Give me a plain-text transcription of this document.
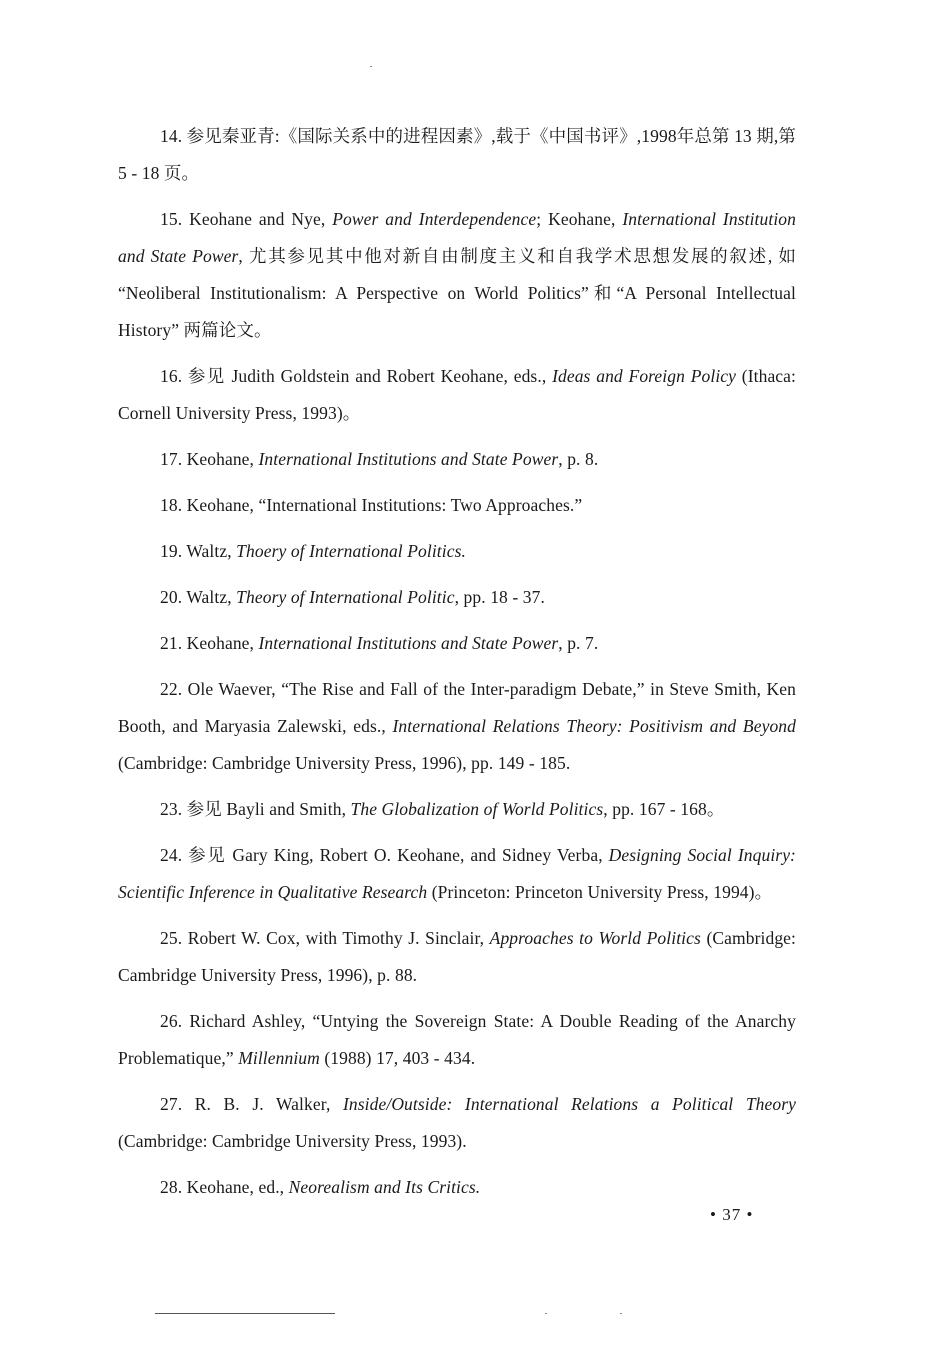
14. 参见秦亚青:《国际关系中的进程因素》,载于《中国书评》,1998年总第 13 期,第 5 - 18 页。

15. Keohane and Nye, Power and Interdependence; Keohane, International Institution and State Power, 尤其参见其中他对新自由制度主义和自我学术思想发展的叙述, 如 “Neoliberal Institutionalism: A Perspective on World Politics”和“A Personal Intellectual History” 两篇论文。

16. 参见 Judith Goldstein and Robert Keohane, eds., Ideas and Foreign Policy (Ithaca: Cornell University Press, 1993)。

17. Keohane, International Institutions and State Power, p. 8.

18. Keohane, “International Institutions: Two Approaches.”

19. Waltz, Thoery of International Politics.

20. Waltz, Theory of International Politic, pp. 18 - 37.

21. Keohane, International Institutions and State Power, p. 7.

22. Ole Waever, “The Rise and Fall of the Inter-paradigm Debate,” in Steve Smith, Ken Booth, and Maryasia Zalewski, eds., International Relations Theory: Positivism and Beyond (Cambridge: Cambridge University Press, 1996), pp. 149 - 185.

23. 参见 Bayli and Smith, The Globalization of World Politics, pp. 167 - 168。

24. 参见 Gary King, Robert O. Keohane, and Sidney Verba, Designing Social Inquiry: Scientific Inference in Qualitative Research (Princeton: Princeton University Press, 1994)。

25. Robert W. Cox, with Timothy J. Sinclair, Approaches to World Politics (Cambridge: Cambridge University Press, 1996), p. 88.

26. Richard Ashley, “Untying the Sovereign State: A Double Reading of the Anarchy Problematique,” Millennium (1988) 17, 403 - 434.

27. R. B. J. Walker, Inside/Outside: International Relations a Political Theory (Cambridge: Cambridge University Press, 1993).

28. Keohane, ed., Neorealism and Its Critics.

• 37 •
